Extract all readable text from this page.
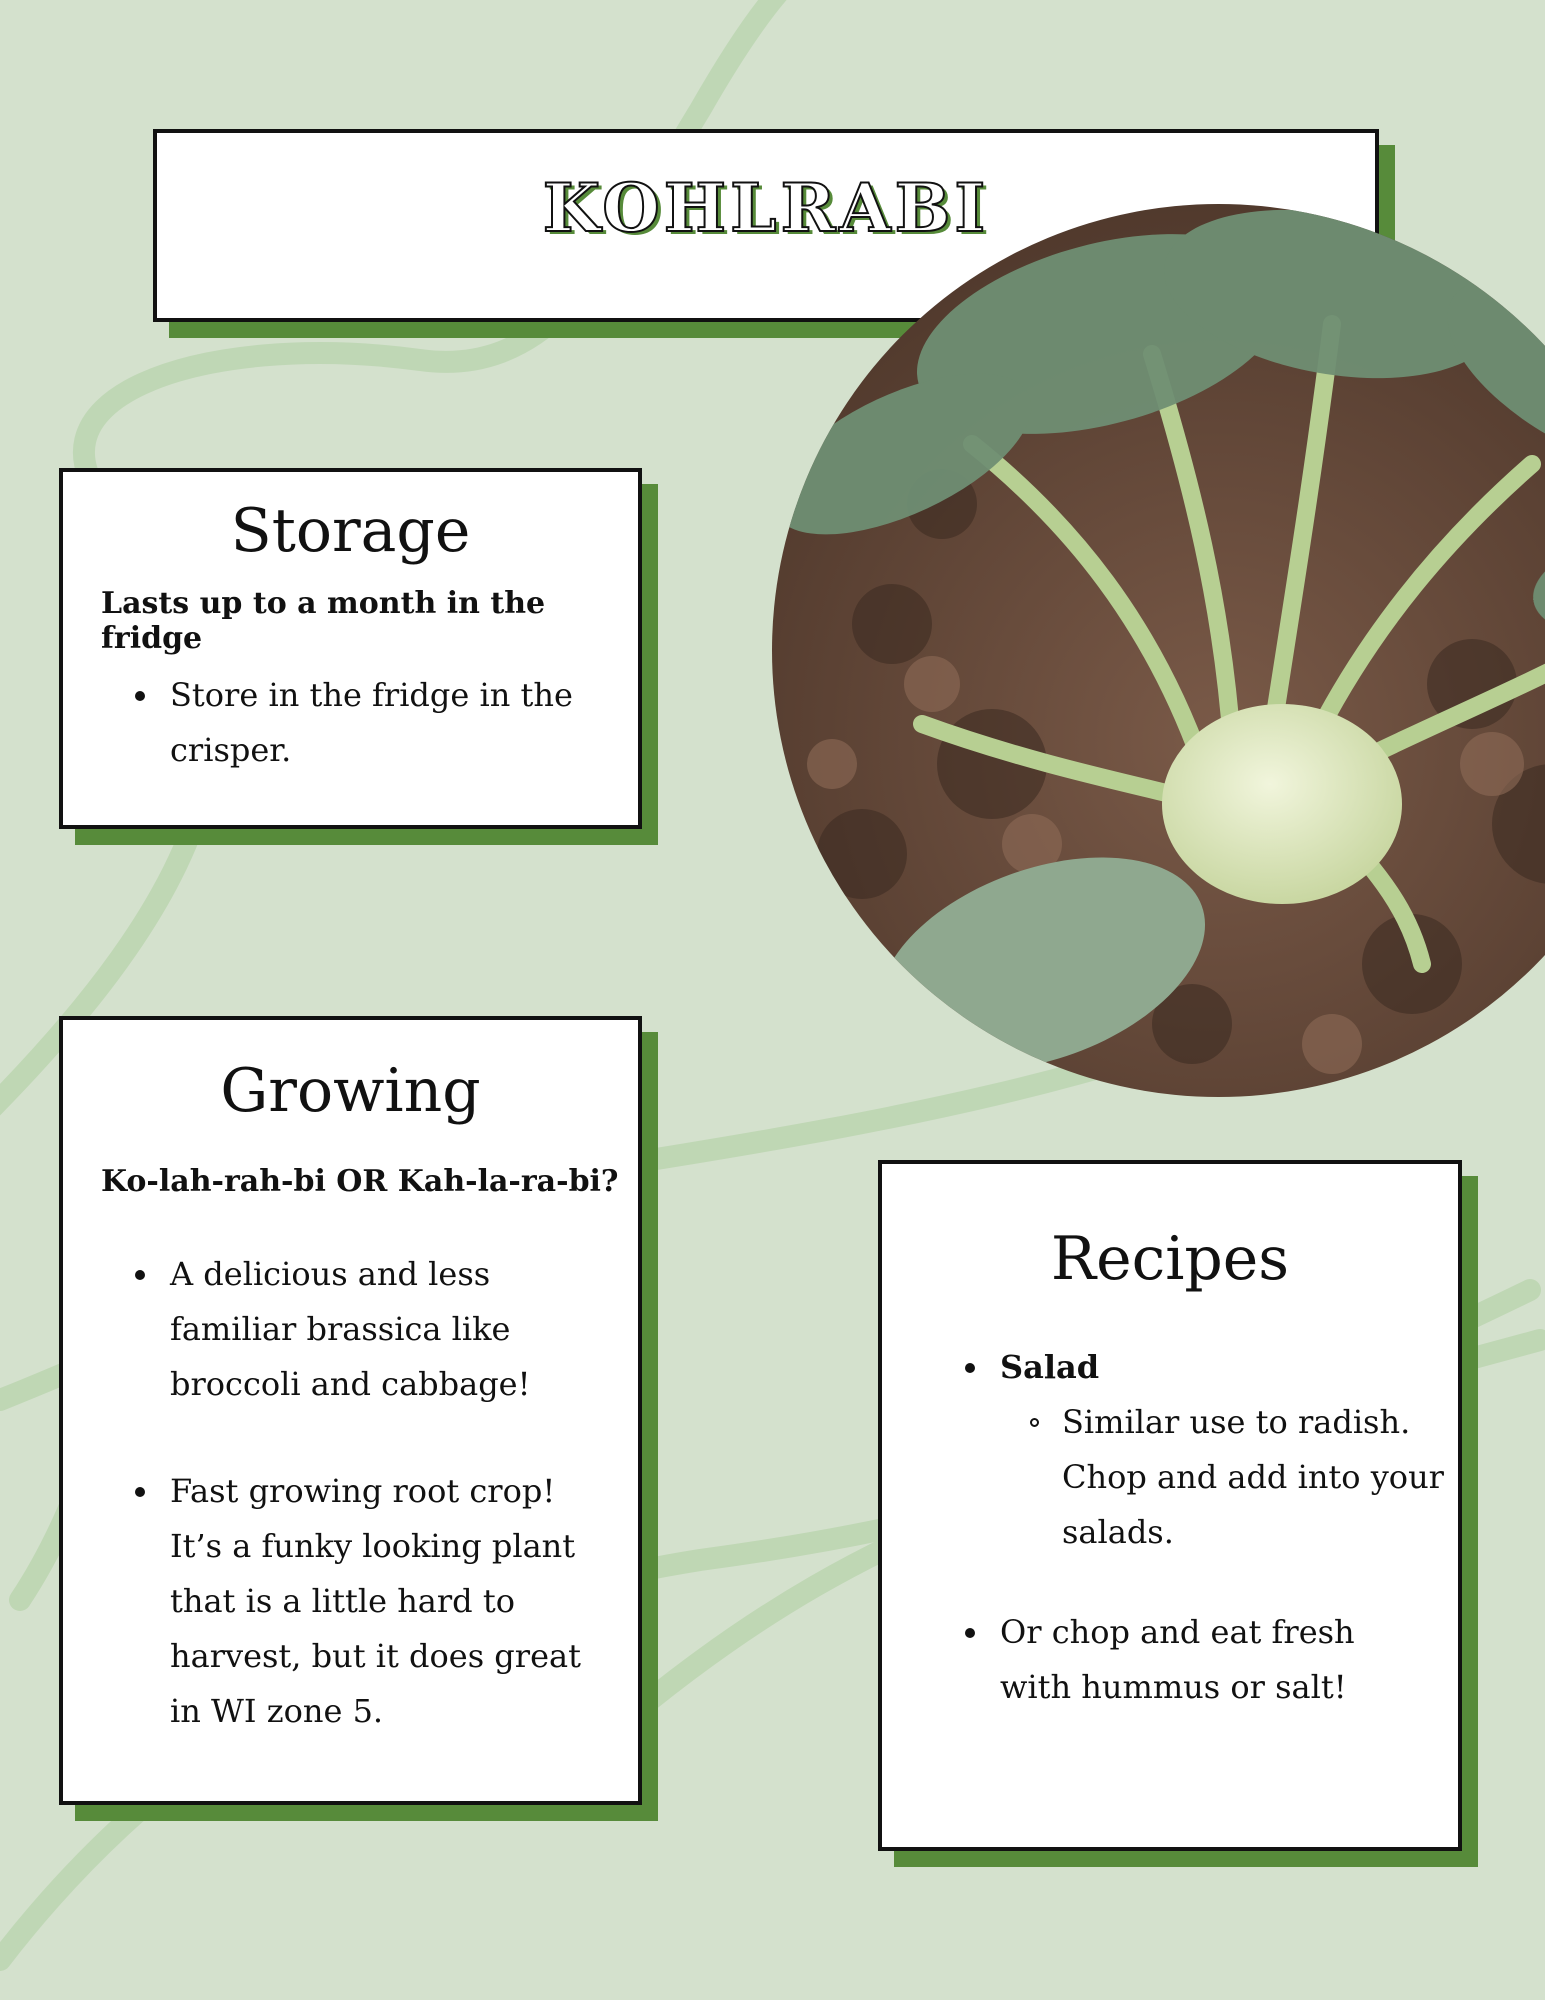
KOHLRABI
Storage

Lasts up to a month in the fridge

Store in the fridge in the crisper.
Growing

Ko-lah-rah-bi OR Kah-la-ra-bi?

A delicious and less familiar brassica like broccoli and cabbage!
Fast growing root crop! It’s a funky looking plant that is a little hard to harvest, but it does great in WI zone 5.
Recipes
Salad
Similar use to radish. Chop and add into your salads.
Or chop and eat fresh with hummus or salt!
